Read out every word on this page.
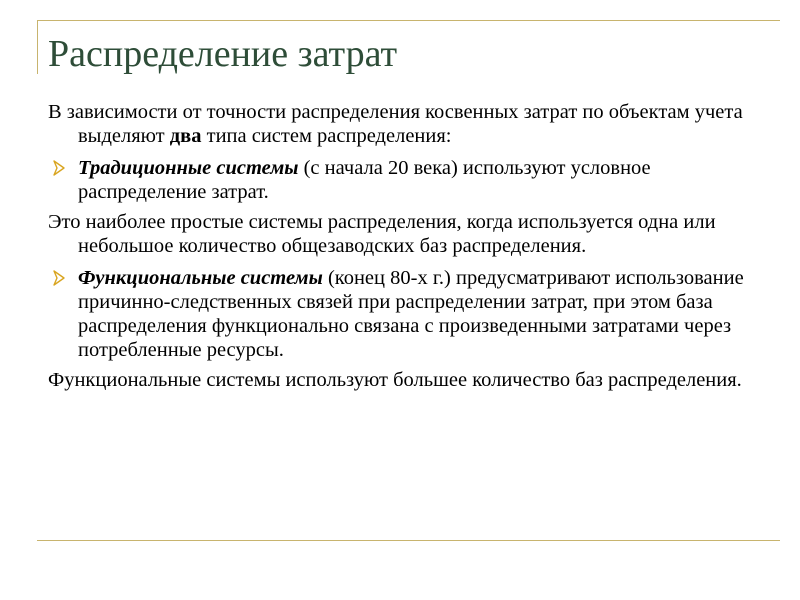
Распределение затрат

В зависимости от точности распределения косвенных затрат по объектам учета выделяют два типа систем распределения:

Традиционные системы (с начала 20 века) используют условное распределение затрат.

Это наиболее простые системы распределения, когда используется одна или небольшое количество общезаводских баз распределения.

Функциональные системы (конец 80-х г.) предусматривают использование причинно-следственных связей при распределении затрат, при этом база распределения функционально связана с произведенными затратами через потребленные ресурсы.

Функциональные системы используют большее количество баз распределения.
